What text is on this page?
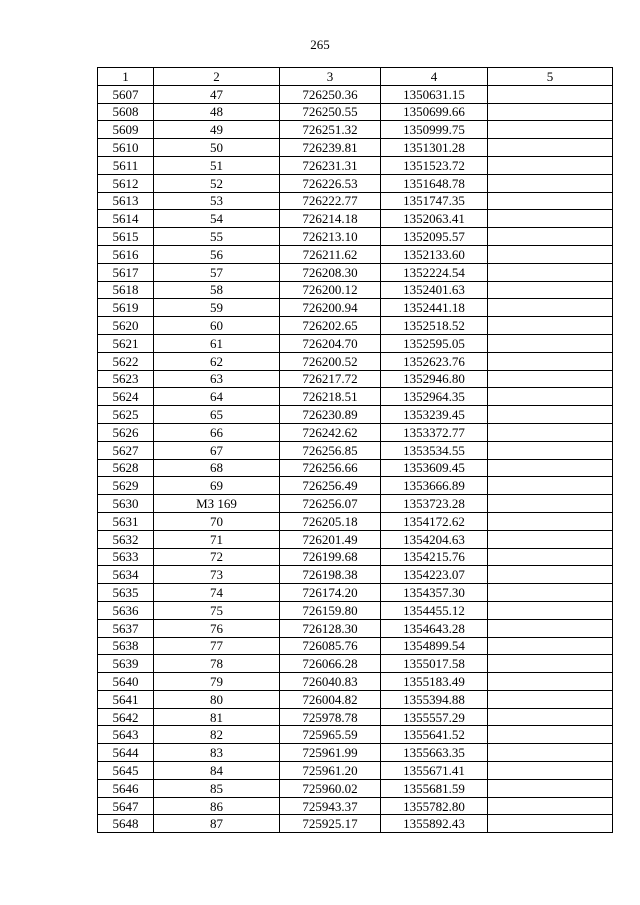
265
1	2	3	4	5
5607	47	726250.36	1350631.15	
5608	48	726250.55	1350699.66	
5609	49	726251.32	1350999.75	
5610	50	726239.81	1351301.28	
5611	51	726231.31	1351523.72	
5612	52	726226.53	1351648.78	
5613	53	726222.77	1351747.35	
5614	54	726214.18	1352063.41	
5615	55	726213.10	1352095.57	
5616	56	726211.62	1352133.60	
5617	57	726208.30	1352224.54	
5618	58	726200.12	1352401.63	
5619	59	726200.94	1352441.18	
5620	60	726202.65	1352518.52	
5621	61	726204.70	1352595.05	
5622	62	726200.52	1352623.76	
5623	63	726217.72	1352946.80	
5624	64	726218.51	1352964.35	
5625	65	726230.89	1353239.45	
5626	66	726242.62	1353372.77	
5627	67	726256.85	1353534.55	
5628	68	726256.66	1353609.45	
5629	69	726256.49	1353666.89	
5630	МЗ 169	726256.07	1353723.28	
5631	70	726205.18	1354172.62	
5632	71	726201.49	1354204.63	
5633	72	726199.68	1354215.76	
5634	73	726198.38	1354223.07	
5635	74	726174.20	1354357.30	
5636	75	726159.80	1354455.12	
5637	76	726128.30	1354643.28	
5638	77	726085.76	1354899.54	
5639	78	726066.28	1355017.58	
5640	79	726040.83	1355183.49	
5641	80	726004.82	1355394.88	
5642	81	725978.78	1355557.29	
5643	82	725965.59	1355641.52	
5644	83	725961.99	1355663.35	
5645	84	725961.20	1355671.41	
5646	85	725960.02	1355681.59	
5647	86	725943.37	1355782.80	
5648	87	725925.17	1355892.43	
